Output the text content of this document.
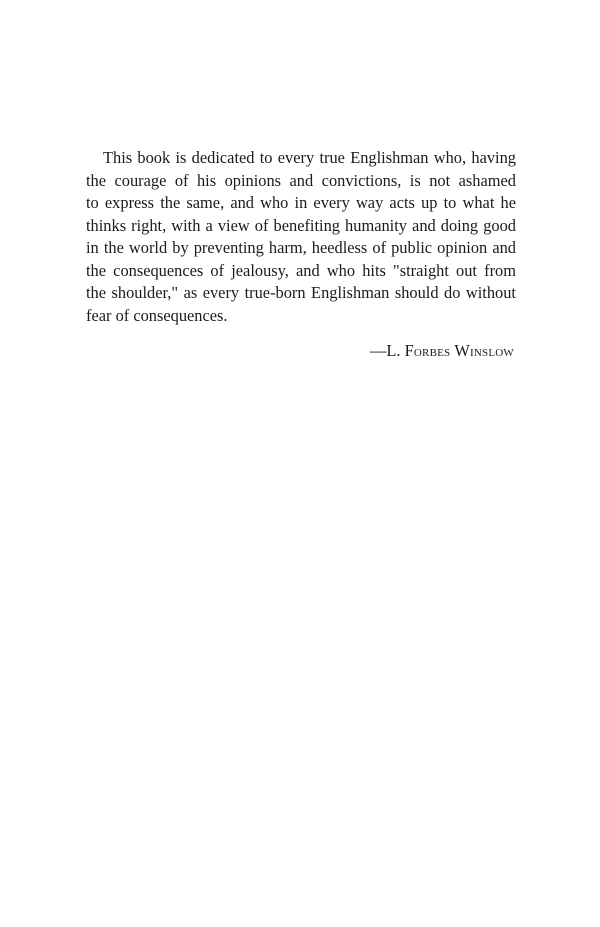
This book is dedicated to every true Englishman who, having
the courage of his opinions and convictions, is not ashamed
to express the same, and who in every way acts up to what he
thinks right, with a view of benefiting humanity and doing good
in the world by preventing harm, heedless of public opinion and
the consequences of jealousy, and who hits "straight out from
the shoulder," as every true-born Englishman should do without
fear of consequences.
—L. Forbes Winslow
